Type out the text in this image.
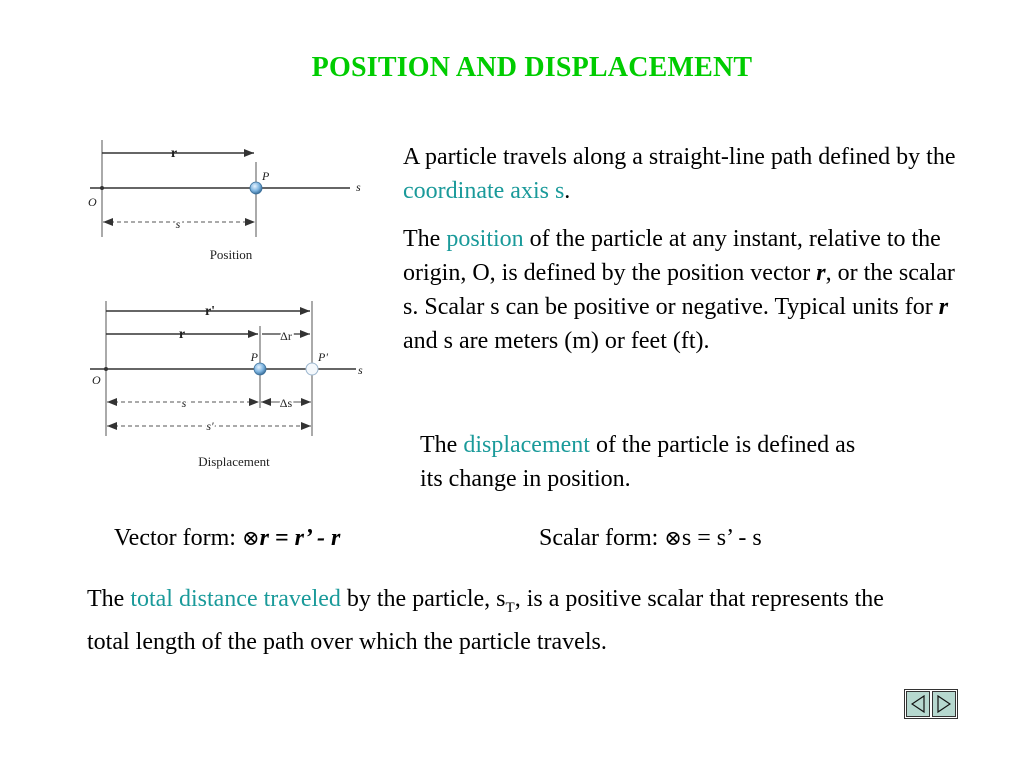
POSITION AND DISPLACEMENT
r
P
s
O
s
Position
r'
r	Δr
P	P'
s
O
s	Δs
s'
Displacement

A particle travels along a straight-line path defined by the coordinate axis s.

The position of the particle at any instant, relative to the origin, O, is defined by the position vector r, or the scalar s. Scalar s can be positive or negative. Typical units for r and s are meters (m) or feet (ft).

The displacement of the particle is defined as its change in position.

Vector form: ⊗r = r’ - r	Scalar form: ⊗s = s’ - s

The total distance traveled by the particle, $s_T$, is a positive scalar that represents the total length of the path over which the particle travels.
